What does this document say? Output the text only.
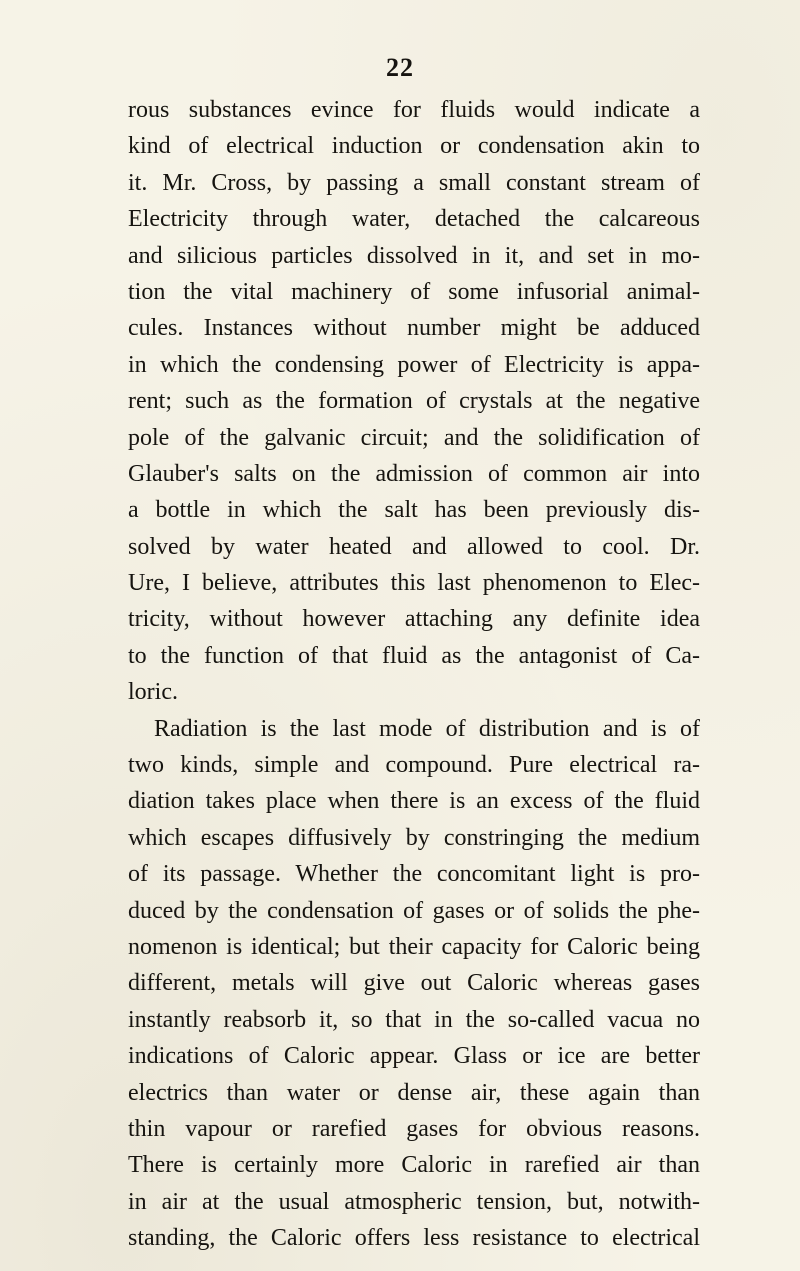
22
rous substances evince for fluids would indicate a
kind of electrical induction or condensation akin to
it. Mr. Cross, by passing a small constant stream of
Electricity through water, detached the calcareous
and silicious particles dissolved in it, and set in mo-
tion the vital machinery of some infusorial animal-
cules. Instances without number might be adduced
in which the condensing power of Electricity is appa-
rent; such as the formation of crystals at the negative
pole of the galvanic circuit; and the solidification of
Glauber's salts on the admission of common air into
a bottle in which the salt has been previously dis-
solved by water heated and allowed to cool. Dr.
Ure, I believe, attributes this last phenomenon to Elec-
tricity, without however attaching any definite idea
to the function of that fluid as the antagonist of Ca-
loric.
Radiation is the last mode of distribution and is of
two kinds, simple and compound. Pure electrical ra-
diation takes place when there is an excess of the fluid
which escapes diffusively by constringing the medium
of its passage. Whether the concomitant light is pro-
duced by the condensation of gases or of solids the phe-
nomenon is identical; but their capacity for Caloric being
different, metals will give out Caloric whereas gases
instantly reabsorb it, so that in the so-called vacua no
indications of Caloric appear. Glass or ice are better
electrics than water or dense air, these again than
thin vapour or rarefied gases for obvious reasons.
There is certainly more Caloric in rarefied air than
in air at the usual atmospheric tension, but, notwith-
standing, the Caloric offers less resistance to electrical
